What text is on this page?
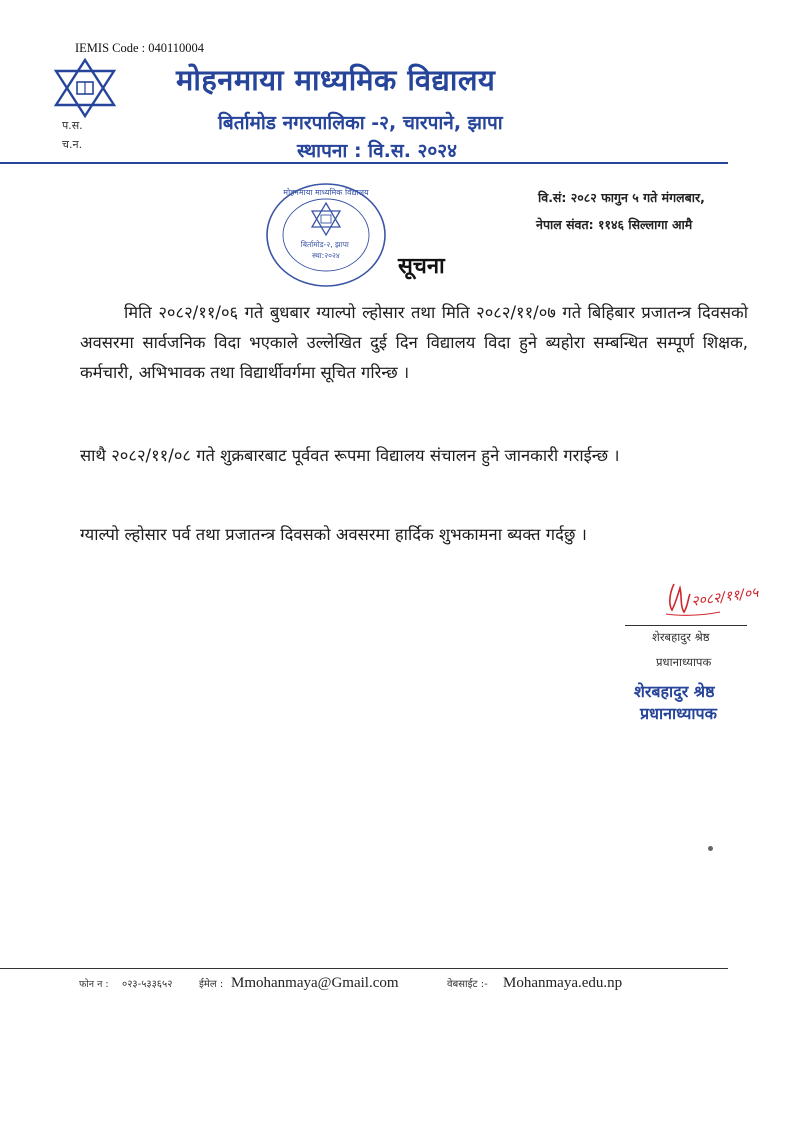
IEMIS Code : 040110004
प.स.
च.न.
मोहनमाया माध्यमिक विद्यालय
बिर्तामोड नगरपालिका -२, चारपाने, झापा
स्थापना : वि.स. २०२४
मोहनमाया माध्यमिक विद्यालय
बिर्तामोड-२, झापा स्था:२०२४
वि.सं: २०८२ फागुन ५ गते मंगलबार,
नेपाल संवत: ११४६ सिल्लागा आमै
सूचना
मिति २०८२/११/०६ गते बुधबार ग्याल्पो ल्होसार तथा मिति २०८२/११/०७ गते बिहिबार प्रजातन्त्र दिवसको अवसरमा सार्वजनिक विदा भएकाले उल्लेखित दुई दिन विद्यालय विदा हुने ब्यहोरा सम्बन्धित सम्पूर्ण शिक्षक, कर्मचारी, अभिभावक तथा विद्यार्थीवर्गमा सूचित गरिन्छ ।
साथै २०८२/११/०८ गते शुक्रबारबाट पूर्ववत रूपमा विद्यालय संचालन हुने जानकारी गराईन्छ ।
ग्याल्पो ल्होसार पर्व तथा प्रजातन्त्र दिवसको अवसरमा हार्दिक शुभकामना ब्यक्त गर्दछु ।
२०८२/११/०५
शेरबहादुर श्रेष्ठ
प्रधानाध्यापक
शेरबहादुर श्रेष्ठ
प्रधानाध्यापक
फोन न : ०२३-५३३६५२	ईमेल : Mmohanmaya@Gmail.com	वेबसाईट :- Mohanmaya.edu.np
